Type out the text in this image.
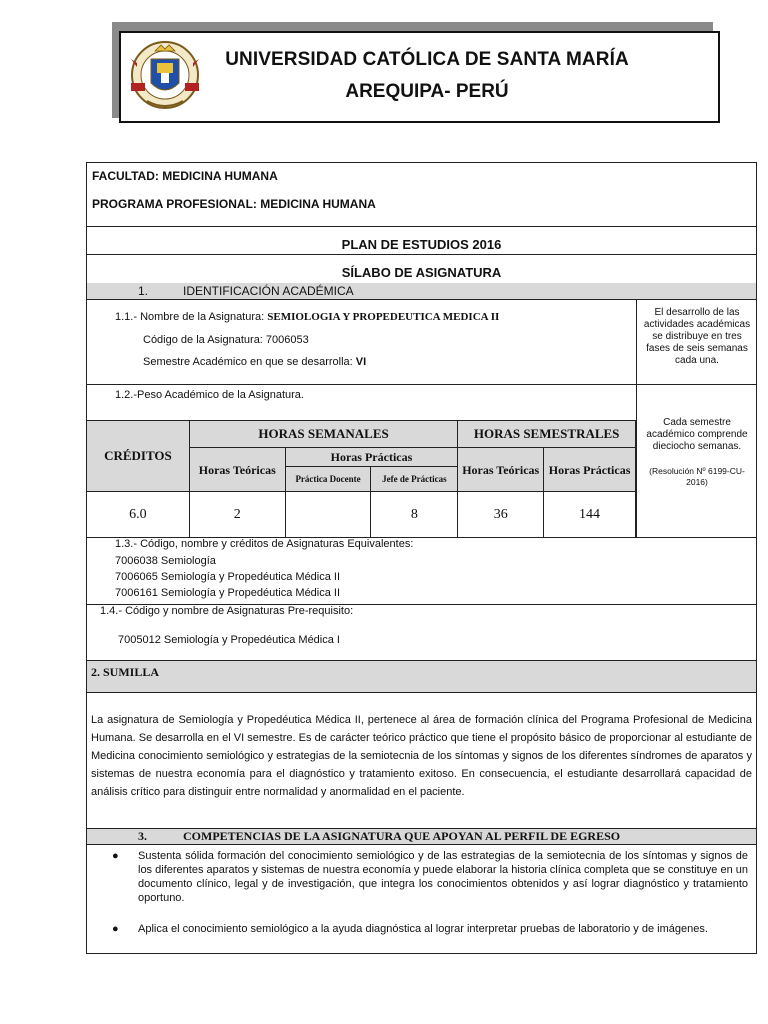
UNIVERSIDAD CATÓLICA DE SANTA MARÍA
AREQUIPA- PERÚ
FACULTAD: MEDICINA HUMANA
PROGRAMA PROFESIONAL: MEDICINA HUMANA
PLAN DE ESTUDIOS 2016
SÍLABO DE ASIGNATURA
1.	IDENTIFICACIÓN ACADÉMICA
1.1.- Nombre de la Asignatura: SEMIOLOGIA Y PROPEDEUTICA MEDICA II
Código de la Asignatura: 7006053
Semestre Académico en que se desarrolla: VI
El desarrollo de las actividades académicas se distribuye en tres fases de seis semanas cada una.
1.2.-Peso Académico de la Asignatura.
Cada semestre académico comprende dieciocho semanas.
(Resolución Nº 6199-CU-2016)
CRÉDITOS	HORAS SEMANALES			HORAS SEMESTRALES	
	Horas Teóricas	Horas Prácticas		Horas Teóricas	Horas Prácticas
		Práctica Docente	Jefe de Prácticas		
6.0	2		8	36	144
1.3.- Código, nombre y créditos de Asignaturas Equivalentes:
7006038 Semiología
7006065 Semiología y Propedéutica Médica II
7006161 Semiología y Propedéutica Médica II
1.4.- Código y nombre de Asignaturas Pre-requisito:
7005012 Semiología y Propedéutica Médica I
2. SUMILLA
La asignatura de Semiología y Propedéutica Médica II, pertenece al área de formación clínica del Programa Profesional de Medicina Humana. Se desarrolla en el VI semestre. Es de carácter teórico práctico que tiene el propósito básico de proporcionar al estudiante de Medicina conocimiento semiológico y estrategias de la semiotecnia de los síntomas y signos de los diferentes síndromes de aparatos y sistemas de nuestra economía para el diagnóstico y tratamiento exitoso. En consecuencia, el estudiante desarrollará capacidad de análisis crítico para distinguir entre normalidad y anormalidad en el paciente.
3.	COMPETENCIAS DE LA ASIGNATURA QUE APOYAN AL PERFIL DE EGRESO
● Sustenta sólida formación del conocimiento semiológico y de las estrategias de la semiotecnia de los síntomas y signos de los diferentes aparatos y sistemas de nuestra economía y puede elaborar la historia clínica completa que se constituye en un documento clínico, legal y de investigación, que integra los conocimientos obtenidos y así lograr diagnóstico y tratamiento oportuno.
● Aplica el conocimiento semiológico a la ayuda diagnóstica al lograr interpretar pruebas de laboratorio y de imágenes.
